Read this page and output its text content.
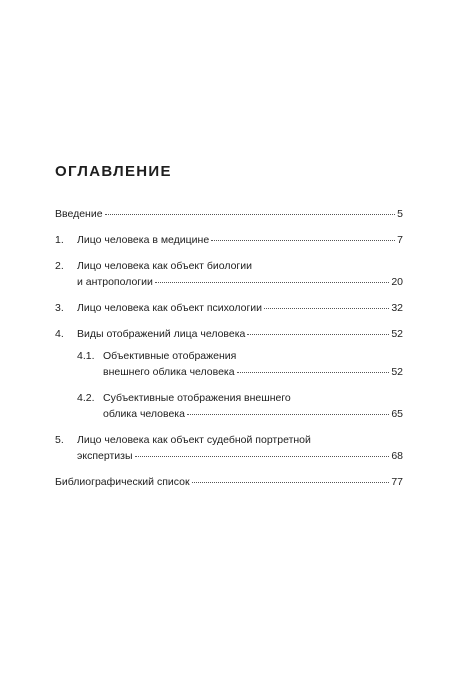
ОГЛАВЛЕНИЕ
Введение	5
1. Лицо человека в медицине	7
2. Лицо человека как объект биологии
и антропологии	20
3. Лицо человека как объект психологии	32
4. Виды отображений лица человека	52
4.1. Объективные отображения
внешнего облика человека	52
4.2. Субъективные отображения внешнего
облика человека	65
5. Лицо человека как объект судебной портретной
экспертизы	68
Библиографический список	77
